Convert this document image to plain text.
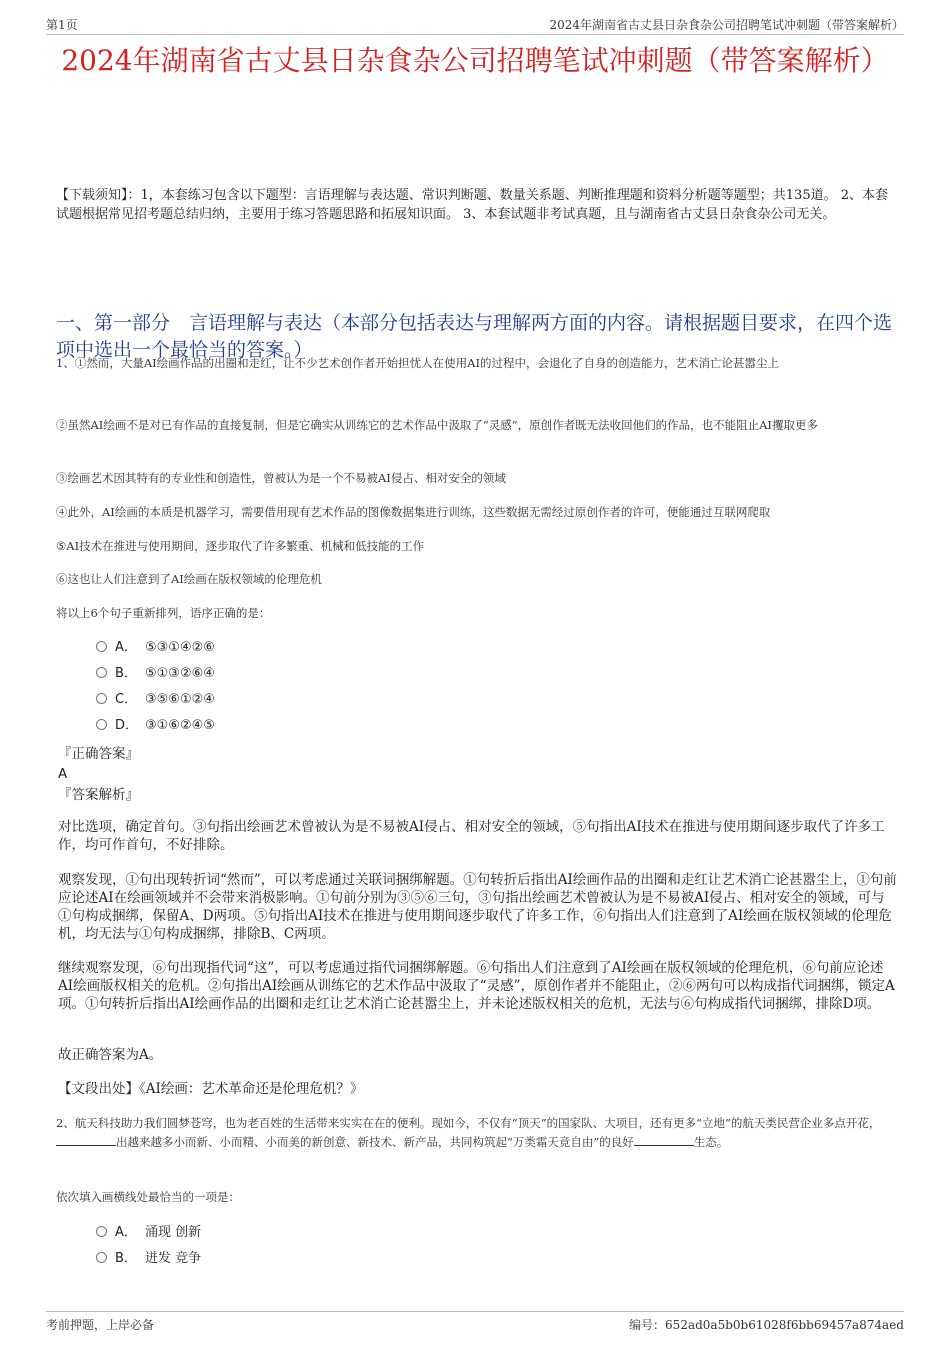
第1页	2024年湖南省古丈县日杂食杂公司招聘笔试冲刺题（带答案解析）
2024年湖南省古丈县日杂食杂公司招聘笔试冲刺题（带答案解析）
【下载须知】：1，本套练习包含以下题型：言语理解与表达题、常识判断题、数量关系题、判断推理题和资料分析题等题型；共135道。 2、本套试题根据常见招考题总结归纳，主要用于练习答题思路和拓展知识面。 3、本套试题非考试真题，且与湖南省古丈县日杂食杂公司无关。
一、第一部分　言语理解与表达（本部分包括表达与理解两方面的内容。请根据题目要求，在四个选项中选出一个最恰当的答案。）
1、①然而，大量AI绘画作品的出圈和走红，让不少艺术创作者开始担忧人在使用AI的过程中，会退化了自身的创造能力，艺术消亡论甚嚣尘上
②虽然AI绘画不是对已有作品的直接复制，但是它确实从训练它的艺术作品中汲取了“灵感”，原创作者既无法收回他们的作品，也不能阻止AI攫取更多
③绘画艺术因其特有的专业性和创造性，曾被认为是一个不易被AI侵占、相对安全的领域
④此外，AI绘画的本质是机器学习，需要借用现有艺术作品的图像数据集进行训练，这些数据无需经过原创作者的许可，便能通过互联网爬取
⑤AI技术在推进与使用期间，逐步取代了许多繁重、机械和低技能的工作
⑥这也让人们注意到了AI绘画在版权领域的伦理危机
将以上6个句子重新排列，语序正确的是：
A． ⑤③①④②⑥
B． ⑤①③②⑥④
C． ③⑤⑥①②④
D． ③①⑥②④⑤
『正确答案』
A
『答案解析』
对比选项，确定首句。③句指出绘画艺术曾被认为是不易被AI侵占、相对安全的领域，⑤句指出AI技术在推进与使用期间逐步取代了许多工作，均可作首句，不好排除。
观察发现，①句出现转折词“然而”，可以考虑通过关联词捆绑解题。①句转折后指出AI绘画作品的出圈和走红让艺术消亡论甚嚣尘上，①句前应论述AI在绘画领域并不会带来消极影响。①句前分别为③⑤⑥三句，③句指出绘画艺术曾被认为是不易被AI侵占、相对安全的领域，可与①句构成捆绑，保留A、D两项。⑤句指出AI技术在推进与使用期间逐步取代了许多工作，⑥句指出人们注意到了AI绘画在版权领域的伦理危机，均无法与①句构成捆绑，排除B、C两项。
继续观察发现，⑥句出现指代词“这”，可以考虑通过指代词捆绑解题。⑥句指出人们注意到了AI绘画在版权领域的伦理危机，⑥句前应论述AI绘画版权相关的危机。②句指出AI绘画从训练它的艺术作品中汲取了“灵感”，原创作者并不能阻止，②⑥两句可以构成指代词捆绑，锁定A项。①句转折后指出AI绘画作品的出圈和走红让艺术消亡论甚嚣尘上，并未论述版权相关的危机，无法与⑥句构成指代词捆绑，排除D项。
故正确答案为A。
【文段出处】《AI绘画：艺术革命还是伦理危机？》
2、航天科技助力我们圆梦苍穹，也为老百姓的生活带来实实在在的便利。现如今，不仅有“顶天”的国家队、大项目，还有更多“立地”的航天类民营企业多点开花，出越来越多小而新、小而精、小而美的新创意、新技术、新产品，共同构筑起“万类霜天竞自由”的良好	生态。
依次填入画横线处最恰当的一项是：
A． 涌现 创新
B． 迸发 竞争
考前押题，上岸必备	编号：652ad0a5b0b61028f6bb69457a874aed
